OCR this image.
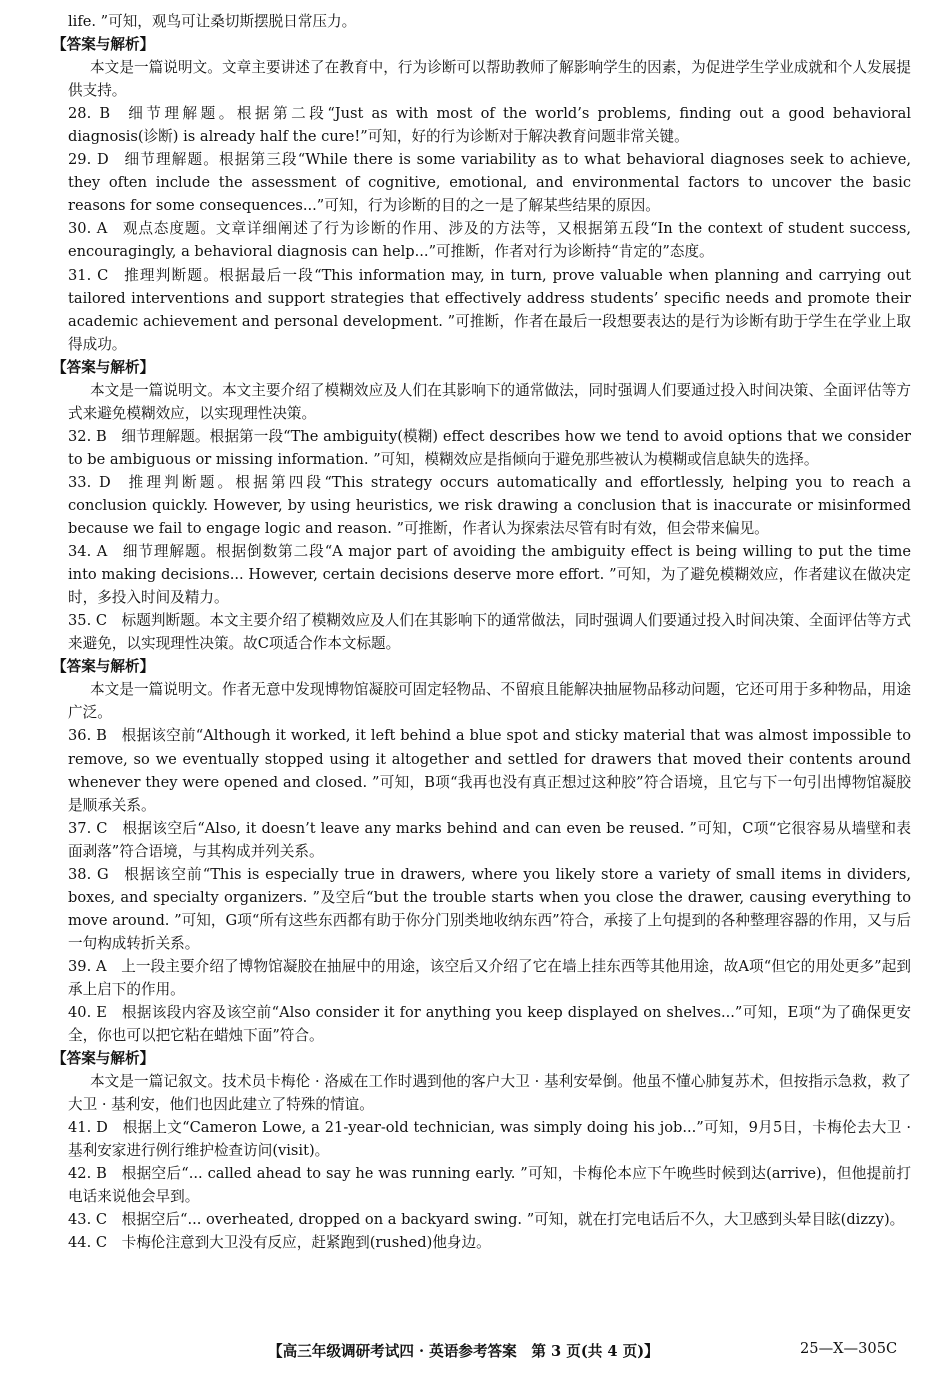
life. ”可知，观鸟可让桑切斯摆脱日常压力。
【答案与解析】
本文是一篇说明文。文章主要讲述了在教育中，行为诊断可以帮助教师了解影响学生的因素，为促进学生学业成就和个人发展提供支持。
28. B  细节理解题。根据第二段“Just as with most of the world’s problems, finding out a good behavioral diagnosis(诊断) is already half the cure!”可知，好的行为诊断对于解决教育问题非常关键。
29. D  细节理解题。根据第三段“While there is some variability as to what behavioral diagnoses seek to achieve, they often include the assessment of cognitive, emotional, and environmental factors to uncover the basic reasons for some consequences...”可知，行为诊断的目的之一是了解某些结果的原因。
30. A  观点态度题。文章详细阐述了行为诊断的作用、涉及的方法等，又根据第五段“In the context of student success, encouragingly, a behavioral diagnosis can help...”可推断，作者对行为诊断持“肯定的”态度。
31. C  推理判断题。根据最后一段“This information may, in turn, prove valuable when planning and carrying out tailored interventions and support strategies that effectively address students’ specific needs and promote their academic achievement and personal development. ”可推断，作者在最后一段想要表达的是行为诊断有助于学生在学业上取得成功。
【答案与解析】
本文是一篇说明文。本文主要介绍了模糊效应及人们在其影响下的通常做法，同时强调人们要通过投入时间决策、全面评估等方式来避免模糊效应，以实现理性决策。
32. B  细节理解题。根据第一段“The ambiguity(模糊) effect describes how we tend to avoid options that we consider to be ambiguous or missing information. ”可知，模糊效应是指倾向于避免那些被认为模糊或信息缺失的选择。
33. D  推理判断题。根据第四段“This strategy occurs automatically and effortlessly, helping you to reach a conclusion quickly. However, by using heuristics, we risk drawing a conclusion that is inaccurate or misinformed because we fail to engage logic and reason. ”可推断，作者认为探索法尽管有时有效，但会带来偏见。
34. A  细节理解题。根据倒数第二段“A major part of avoiding the ambiguity effect is being willing to put the time into making decisions... However, certain decisions deserve more effort. ”可知，为了避免模糊效应，作者建议在做决定时，多投入时间及精力。
35. C  标题判断题。本文主要介绍了模糊效应及人们在其影响下的通常做法，同时强调人们要通过投入时间决策、全面评估等方式来避免，以实现理性决策。故C项适合作本文标题。
【答案与解析】
本文是一篇说明文。作者无意中发现博物馆凝胶可固定轻物品、不留痕且能解决抽屉物品移动问题，它还可用于多种物品，用途广泛。
36. B  根据该空前“Although it worked, it left behind a blue spot and sticky material that was almost impossible to remove, so we eventually stopped using it altogether and settled for drawers that moved their contents around whenever they were opened and closed. ”可知，B项“我再也没有真正想过这种胶”符合语境，且它与下一句引出博物馆凝胶是顺承关系。
37. C  根据该空后“Also, it doesn’t leave any marks behind and can even be reused. ”可知，C项“它很容易从墙壁和表面剥落”符合语境，与其构成并列关系。
38. G  根据该空前“This is especially true in drawers, where you likely store a variety of small items in dividers, boxes, and specialty organizers. ”及空后“but the trouble starts when you close the drawer, causing everything to move around. ”可知，G项“所有这些东西都有助于你分门别类地收纳东西”符合，承接了上句提到的各种整理容器的作用，又与后一句构成转折关系。
39. A  上一段主要介绍了博物馆凝胶在抽屉中的用途，该空后又介绍了它在墙上挂东西等其他用途，故A项“但它的用处更多”起到承上启下的作用。
40. E  根据该段内容及该空前“Also consider it for anything you keep displayed on shelves...”可知，E项“为了确保更安全，你也可以把它粘在蜡烛下面”符合。
【答案与解析】
本文是一篇记叙文。技术员卡梅伦 · 洛威在工作时遇到他的客户大卫 · 基利安晕倒。他虽不懂心肺复苏术，但按指示急救，救了大卫 · 基利安，他们也因此建立了特殊的情谊。
41. D  根据上文“Cameron Lowe, a 21-year-old technician, was simply doing his job...”可知，9月5日，卡梅伦去大卫 · 基利安家进行例行维护检查访问(visit)。
42. B  根据空后“... called ahead to say he was running early. ”可知，卡梅伦本应下午晚些时候到达(arrive)，但他提前打电话来说他会早到。
43. C  根据空后“... overheated, dropped on a backyard swing. ”可知，就在打完电话后不久，大卫感到头晕目眩(dizzy)。
44. C  卡梅伦注意到大卫没有反应，赶紧跑到(rushed)他身边。
【高三年级调研考试四 · 英语参考答案　第 3 页(共 4 页)】	25—X—305C
